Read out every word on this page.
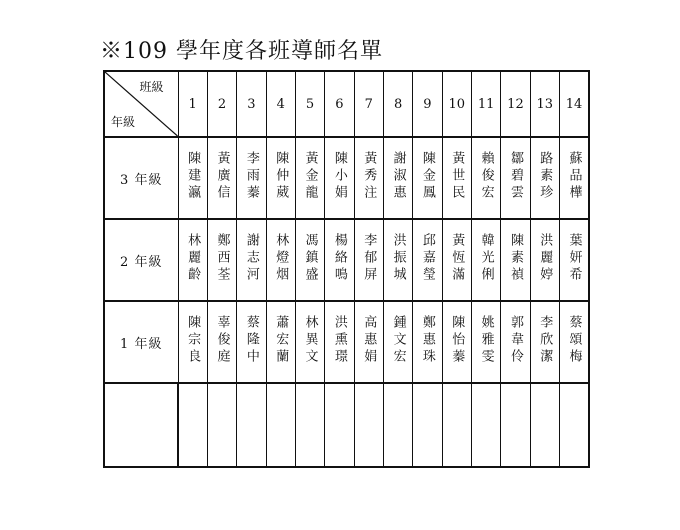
※109 學年度各班導師名單
班級
年級	1	2	3	4	5	6	7	8	9	10	11	12	13	14
3 年級	陳建瀛	黃廣信	李雨蓁	陳仲葳	黃金龍	陳小娟	黃秀注	謝淑惠	陳金鳳	黃世民	賴俊宏	鄒碧雲	路素珍	蘇品樺
2 年級	林麗齡	鄭西荃	謝志河	林燈烟	馮鎮盛	楊絡鳴	李郁屏	洪振城	邱嘉瑩	黃恆滿	韓光俐	陳素禎	洪麗婷	葉妍希
1 年級	陳宗良	辜俊庭	蔡隆中	蕭宏蘭	林異文	洪熏璟	高惠娟	鍾文宏	鄭惠珠	陳怡蓁	姚雅雯	郭韋伶	李欣潔	蔡頌梅
